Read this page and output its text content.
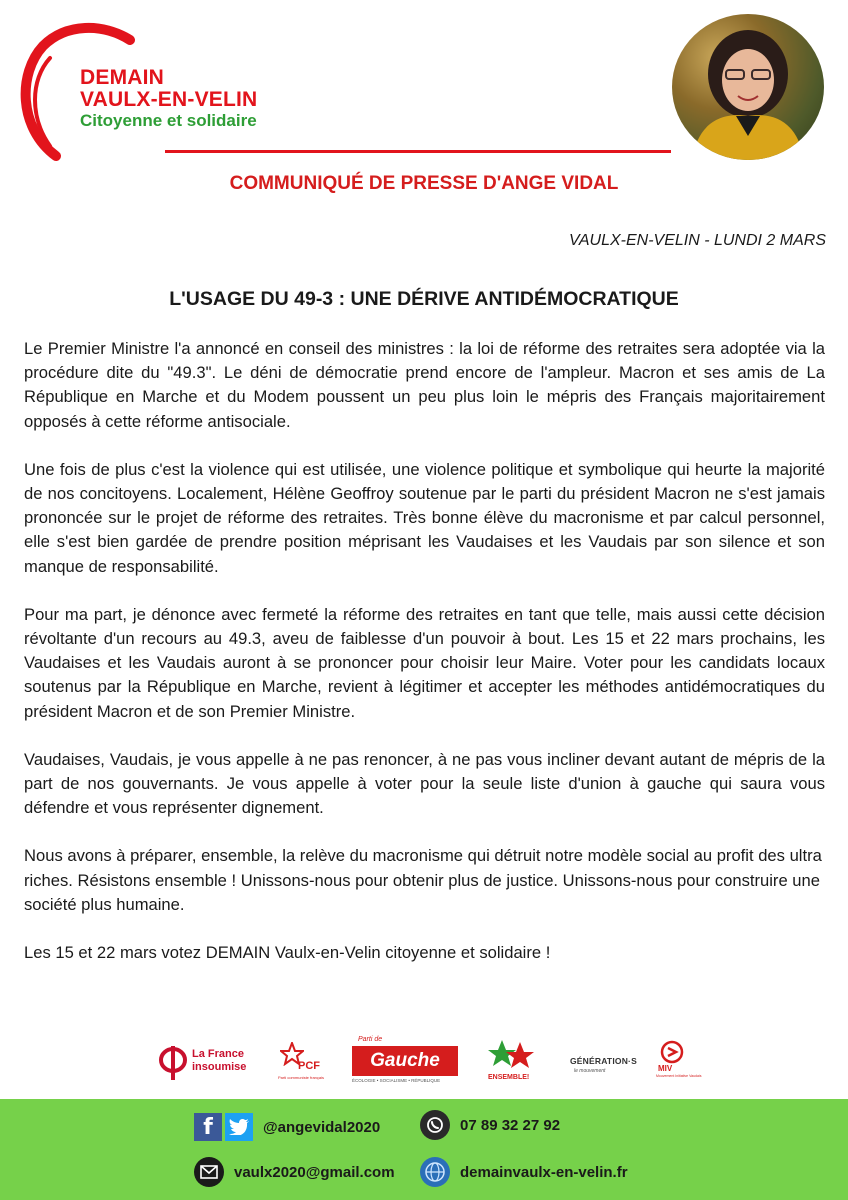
DEMAIN
VAULX-EN-VELIN
Citoyenne et solidaire
COMMUNIQUÉ DE PRESSE D'ANGE VIDAL
VAULX-EN-VELIN - LUNDI 2 MARS
L'USAGE DU 49-3 : UNE DÉRIVE ANTIDÉMOCRATIQUE

Le Premier Ministre l'a annoncé en conseil des ministres : la loi de réforme des retraites sera adoptée via la procédure dite du "49.3". Le déni de démocratie prend encore de l'ampleur. Macron et ses amis de La République en Marche et du Modem poussent un peu plus loin le mépris des Français majoritairement opposés à cette réforme antisociale.

Une fois de plus c'est la violence qui est utilisée, une violence politique et symbolique qui heurte la majorité de nos concitoyens. Localement, Hélène Geoffroy soutenue par le parti du président Macron ne s'est jamais prononcée sur le projet de réforme des retraites. Très bonne élève du macronisme et par calcul personnel, elle s'est bien gardée de prendre position méprisant les Vaudaises et les Vaudais par son silence et son manque de responsabilité.

Pour ma part, je dénonce avec fermeté la réforme des retraites en tant que telle, mais aussi cette décision révoltante d'un recours au 49.3, aveu de faiblesse d'un pouvoir à bout. Les 15 et 22 mars prochains, les Vaudaises et les Vaudais auront à se prononcer pour choisir leur Maire. Voter pour les candidats locaux soutenus par la République en Marche, revient à légitimer et accepter les méthodes antidémocratiques du président Macron et de son Premier Ministre.

Vaudaises, Vaudais, je vous appelle à ne pas renoncer, à ne pas vous incliner devant autant de mépris de la part de nos gouvernants. Je vous appelle à voter pour la seule liste d'union à gauche qui saura vous défendre et vous représenter dignement.

Nous avons à préparer, ensemble, la relève du macronisme qui détruit notre modèle social au profit des ultra riches. Résistons ensemble ! Unissons-nous pour obtenir plus de justice. Unissons-nous pour construire une société plus humaine.

Les 15 et 22 mars votez DEMAIN Vaulx-en-Velin citoyenne et solidaire !

La France
insoumise	PCF
Parti communiste français
Gauche
Parti de
ÉCOLOGIE • SOCIALISME • RÉPUBLIQUE	ENSEMBLE!
GÉNÉRATION·S
le mouvement	MIV
Mouvement Initiative Vaudais
f	@angevidal2020	07 89 32 27 92
vaulx2020@gmail.com	demainvaulx-en-velin.fr
